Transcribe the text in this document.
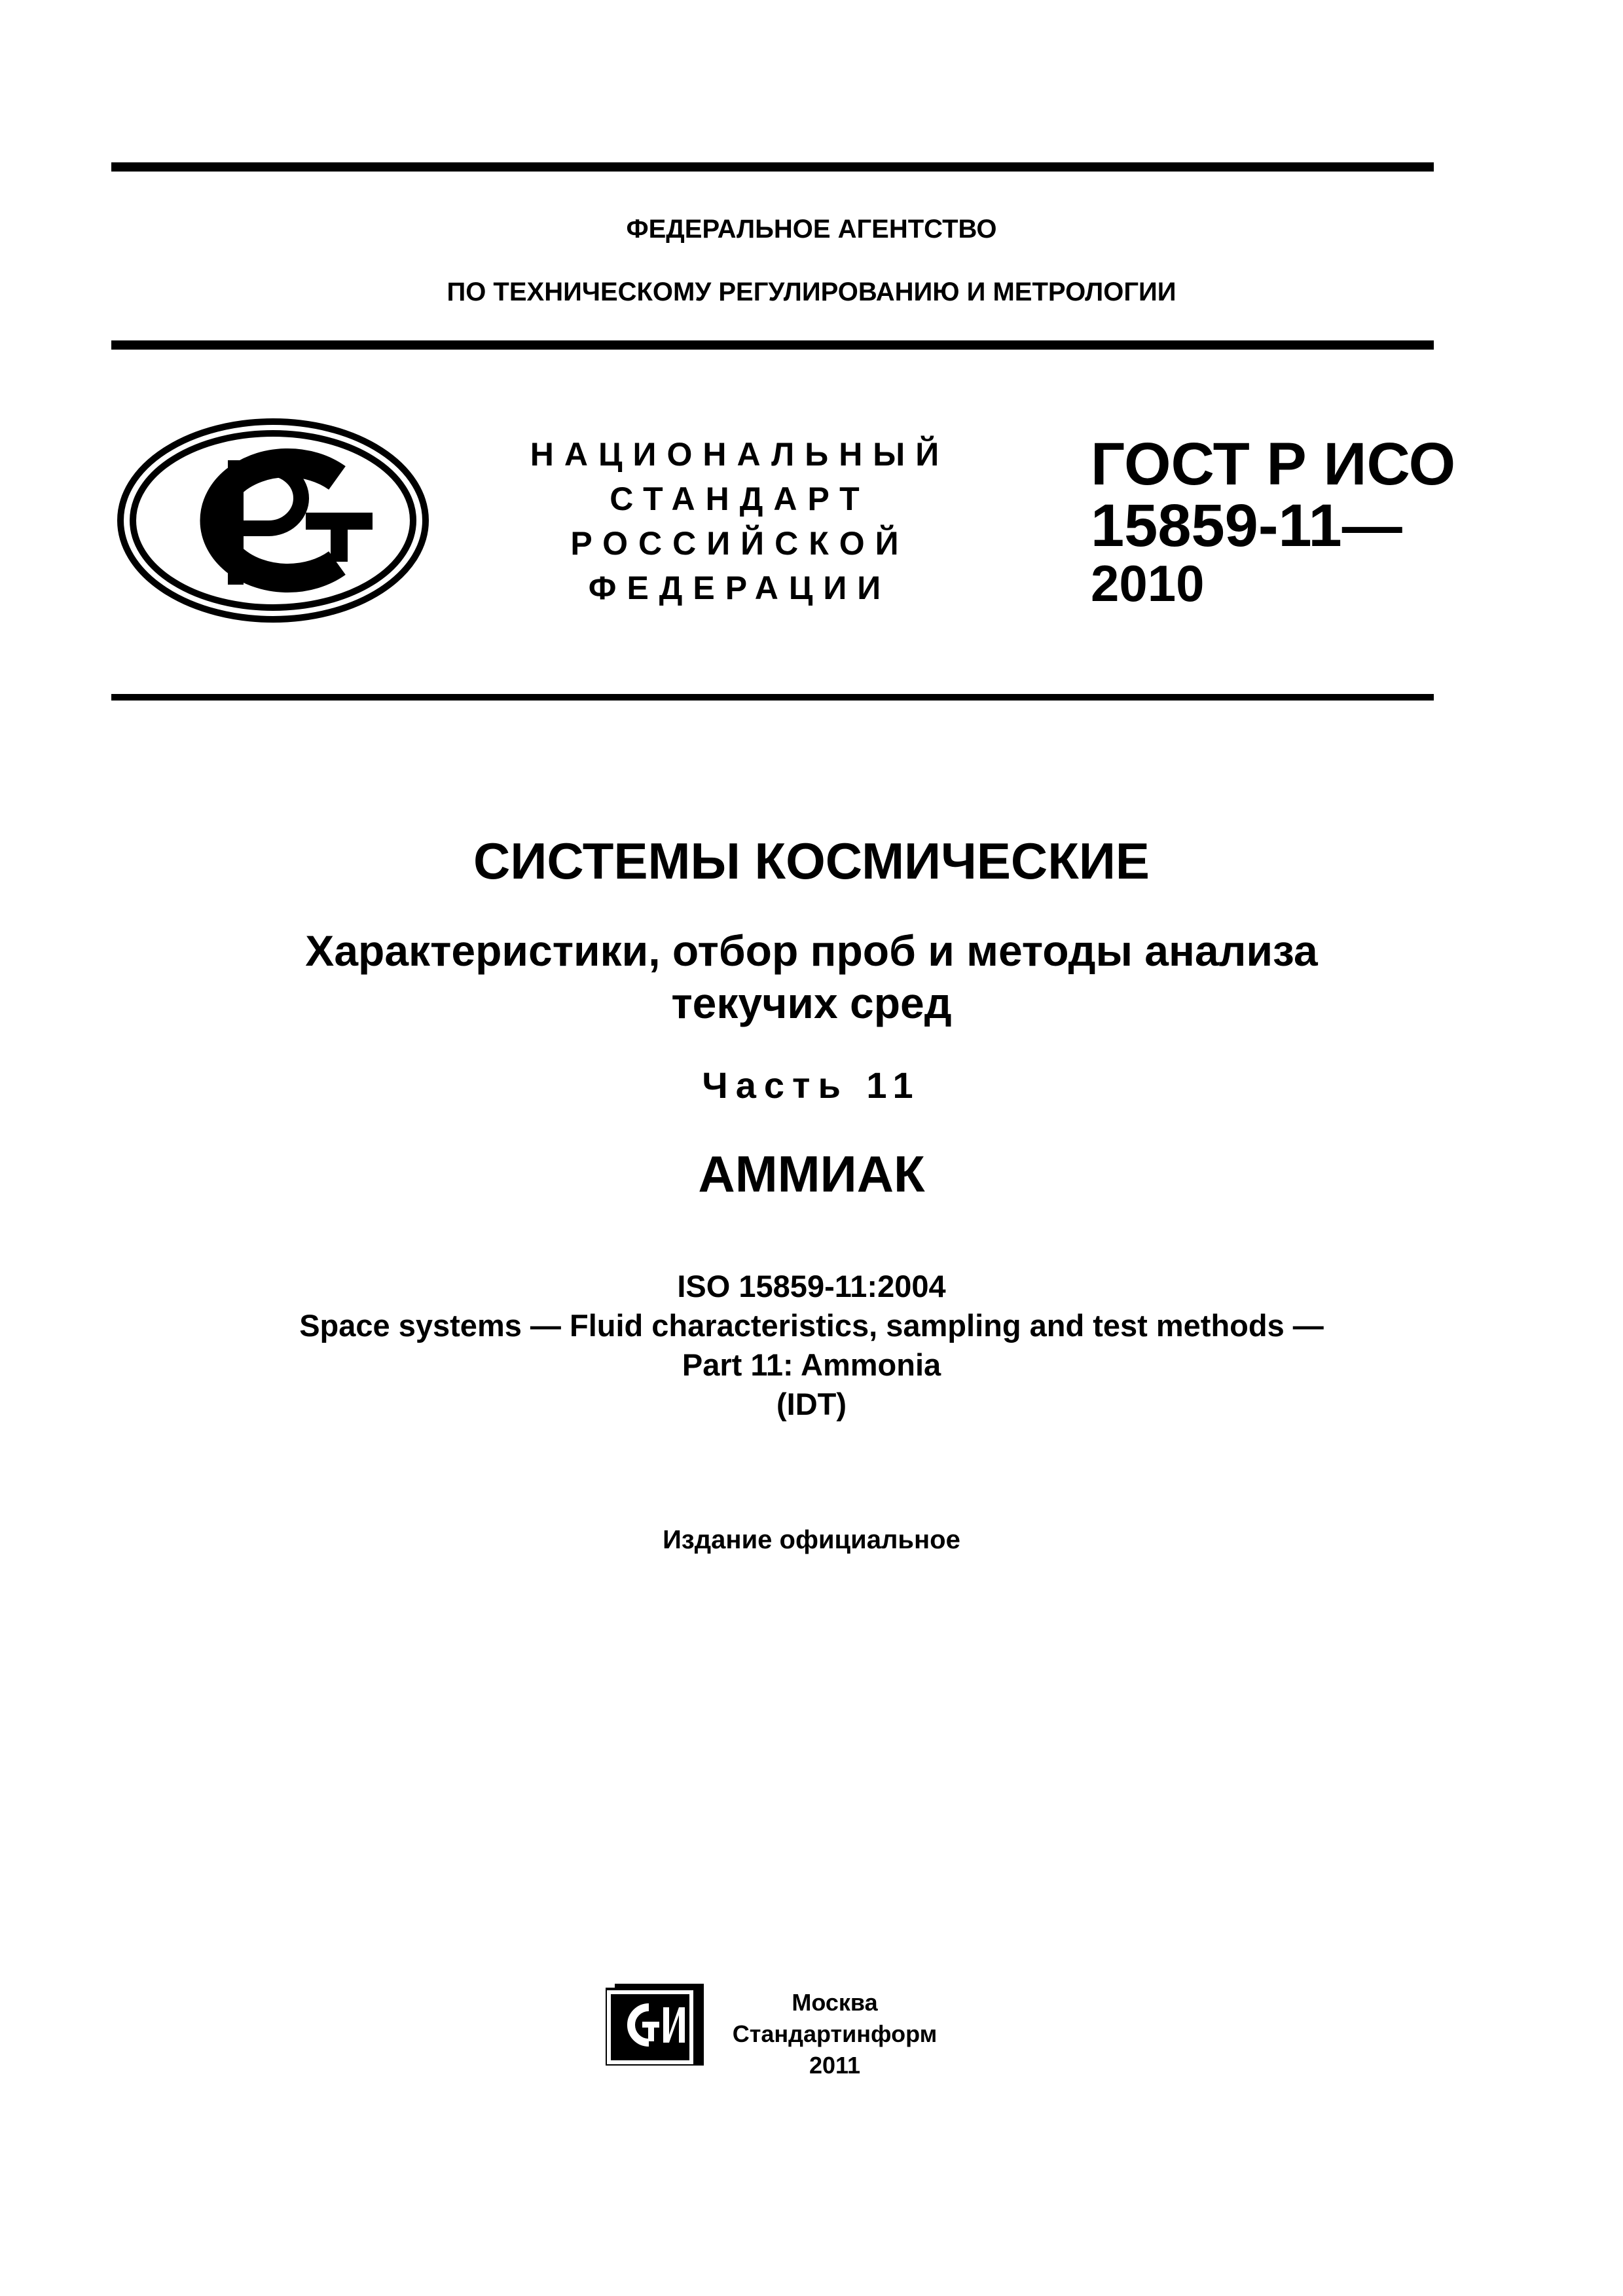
ФЕДЕРАЛЬНОЕ АГЕНТСТВО
ПО ТЕХНИЧЕСКОМУ РЕГУЛИРОВАНИЮ И МЕТРОЛОГИИ
НАЦИОНАЛЬНЫЙ
СТАНДАРТ
РОССИЙСКОЙ
ФЕДЕРАЦИИ
ГОСТ Р ИСО
15859-11—
2010
СИСТЕМЫ КОСМИЧЕСКИЕ
Характеристики, отбор проб и методы анализа
текучих сред
Часть 11
АММИАК
ISO 15859-11:2004
Space systems — Fluid characteristics, sampling and test methods —
Part 11: Ammonia
(IDT)
Издание официальное
Москва
Стандартинформ
2011
